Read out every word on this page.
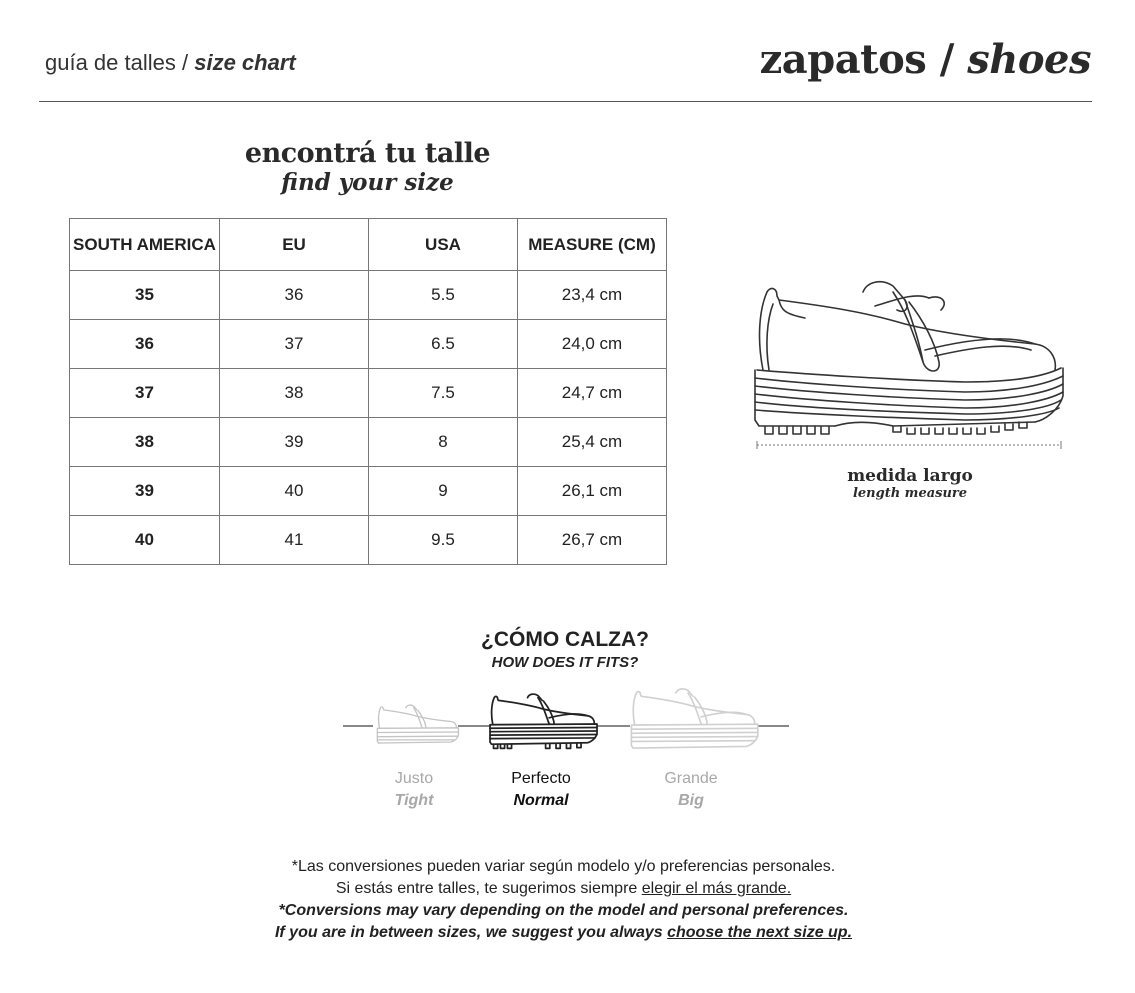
guía de talles / size chart	zapatos / shoes
encontrá tu talle
find your size
SOUTH AMERICA	EU	USA	MEASURE (CM)
35	36	5.5	23,4 cm
36	37	6.5	24,0 cm
37	38	7.5	24,7 cm
38	39	8	25,4 cm
39	40	9	26,1 cm
40	41	9.5	26,7 cm
medida largo
length measure
¿CÓMO CALZA?
HOW DOES IT FITS?
Justo
Tight
Perfecto
Normal
Grande
Big
*Las conversiones pueden variar según modelo y/o preferencias personales.
Si estás entre talles, te sugerimos siempre elegir el más grande.
*Conversions may vary depending on the model and personal preferences.
If you are in between sizes, we suggest you always choose the next size up.
